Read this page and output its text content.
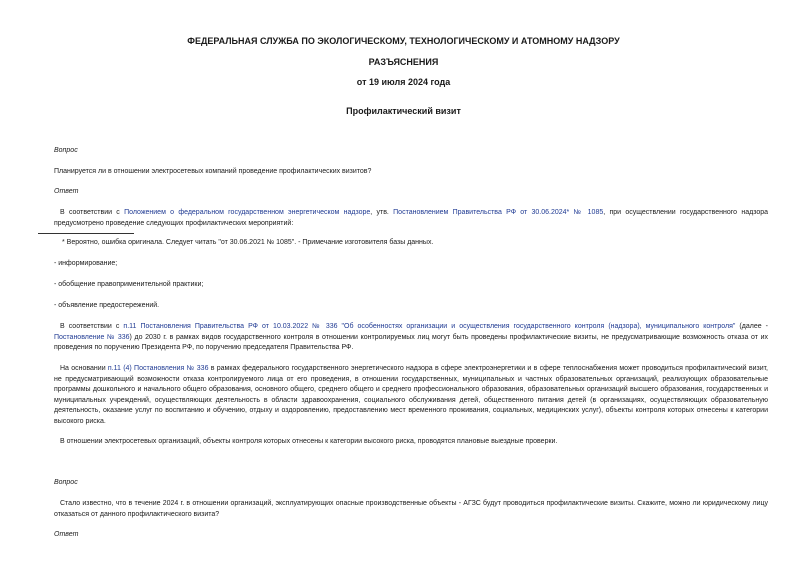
ФЕДЕРАЛЬНАЯ СЛУЖБА ПО ЭКОЛОГИЧЕСКОМУ, ТЕХНОЛОГИЧЕСКОМУ И АТОМНОМУ НАДЗОРУ
РАЗЪЯСНЕНИЯ
от 19 июля 2024 года
Профилактический визит

Вопрос

Планируется ли в отношении электросетевых компаний проведение профилактических визитов?

Ответ

В соответствии с Положением о федеральном государственном энергетическом надзоре, утв. Постановлением Правительства РФ от 30.06.2024* № 1085, при осуществлении государственного надзора предусмотрено проведение следующих профилактических мероприятий:

* Вероятно, ошибка оригинала. Следует читать "от 30.06.2021 № 1085". - Примечание изготовителя базы данных.

- информирование;

- обобщение правоприменительной практики;

- объявление предостережений.

В соответствии с п.11 Постановления Правительства РФ от 10.03.2022 № 336 "Об особенностях организации и осуществления государственного контроля (надзора), муниципального контроля" (далее - Постановление № 336) до 2030 г. в рамках видов государственного контроля в отношении контролируемых лиц могут быть проведены профилактические визиты, не предусматривающие возможность отказа от их проведения по поручению Президента РФ, по поручению председателя Правительства РФ.

На основании п.11 (4) Постановления № 336 в рамках федерального государственного энергетического надзора в сфере электроэнергетики и в сфере теплоснабжения может проводиться профилактический визит, не предусматривающий возможности отказа контролируемого лица от его проведения, в отношении государственных, муниципальных и частных образовательных организаций, реализующих образовательные программы дошкольного и начального общего образования, основного общего, среднего общего и среднего профессионального образования, образовательных организаций высшего образования, государственных и муниципальных учреждений, осуществляющих деятельность в области здравоохранения, социального обслуживания детей, общественного питания детей (в организациях, осуществляющих образовательную деятельность, оказание услуг по воспитанию и обучению, отдыху и оздоровлению, предоставлению мест временного проживания, социальных, медицинских услуг), объекты контроля которых отнесены к категории высокого риска.

В отношении электросетевых организаций, объекты контроля которых отнесены к категории высокого риска, проводятся плановые выездные проверки.

Вопрос

Стало известно, что в течение 2024 г. в отношении организаций, эксплуатирующих опасные производственные объекты - АГЗС будут проводиться профилактические визиты. Скажите, можно ли юридическому лицу отказаться от данного профилактического визита?

Ответ
